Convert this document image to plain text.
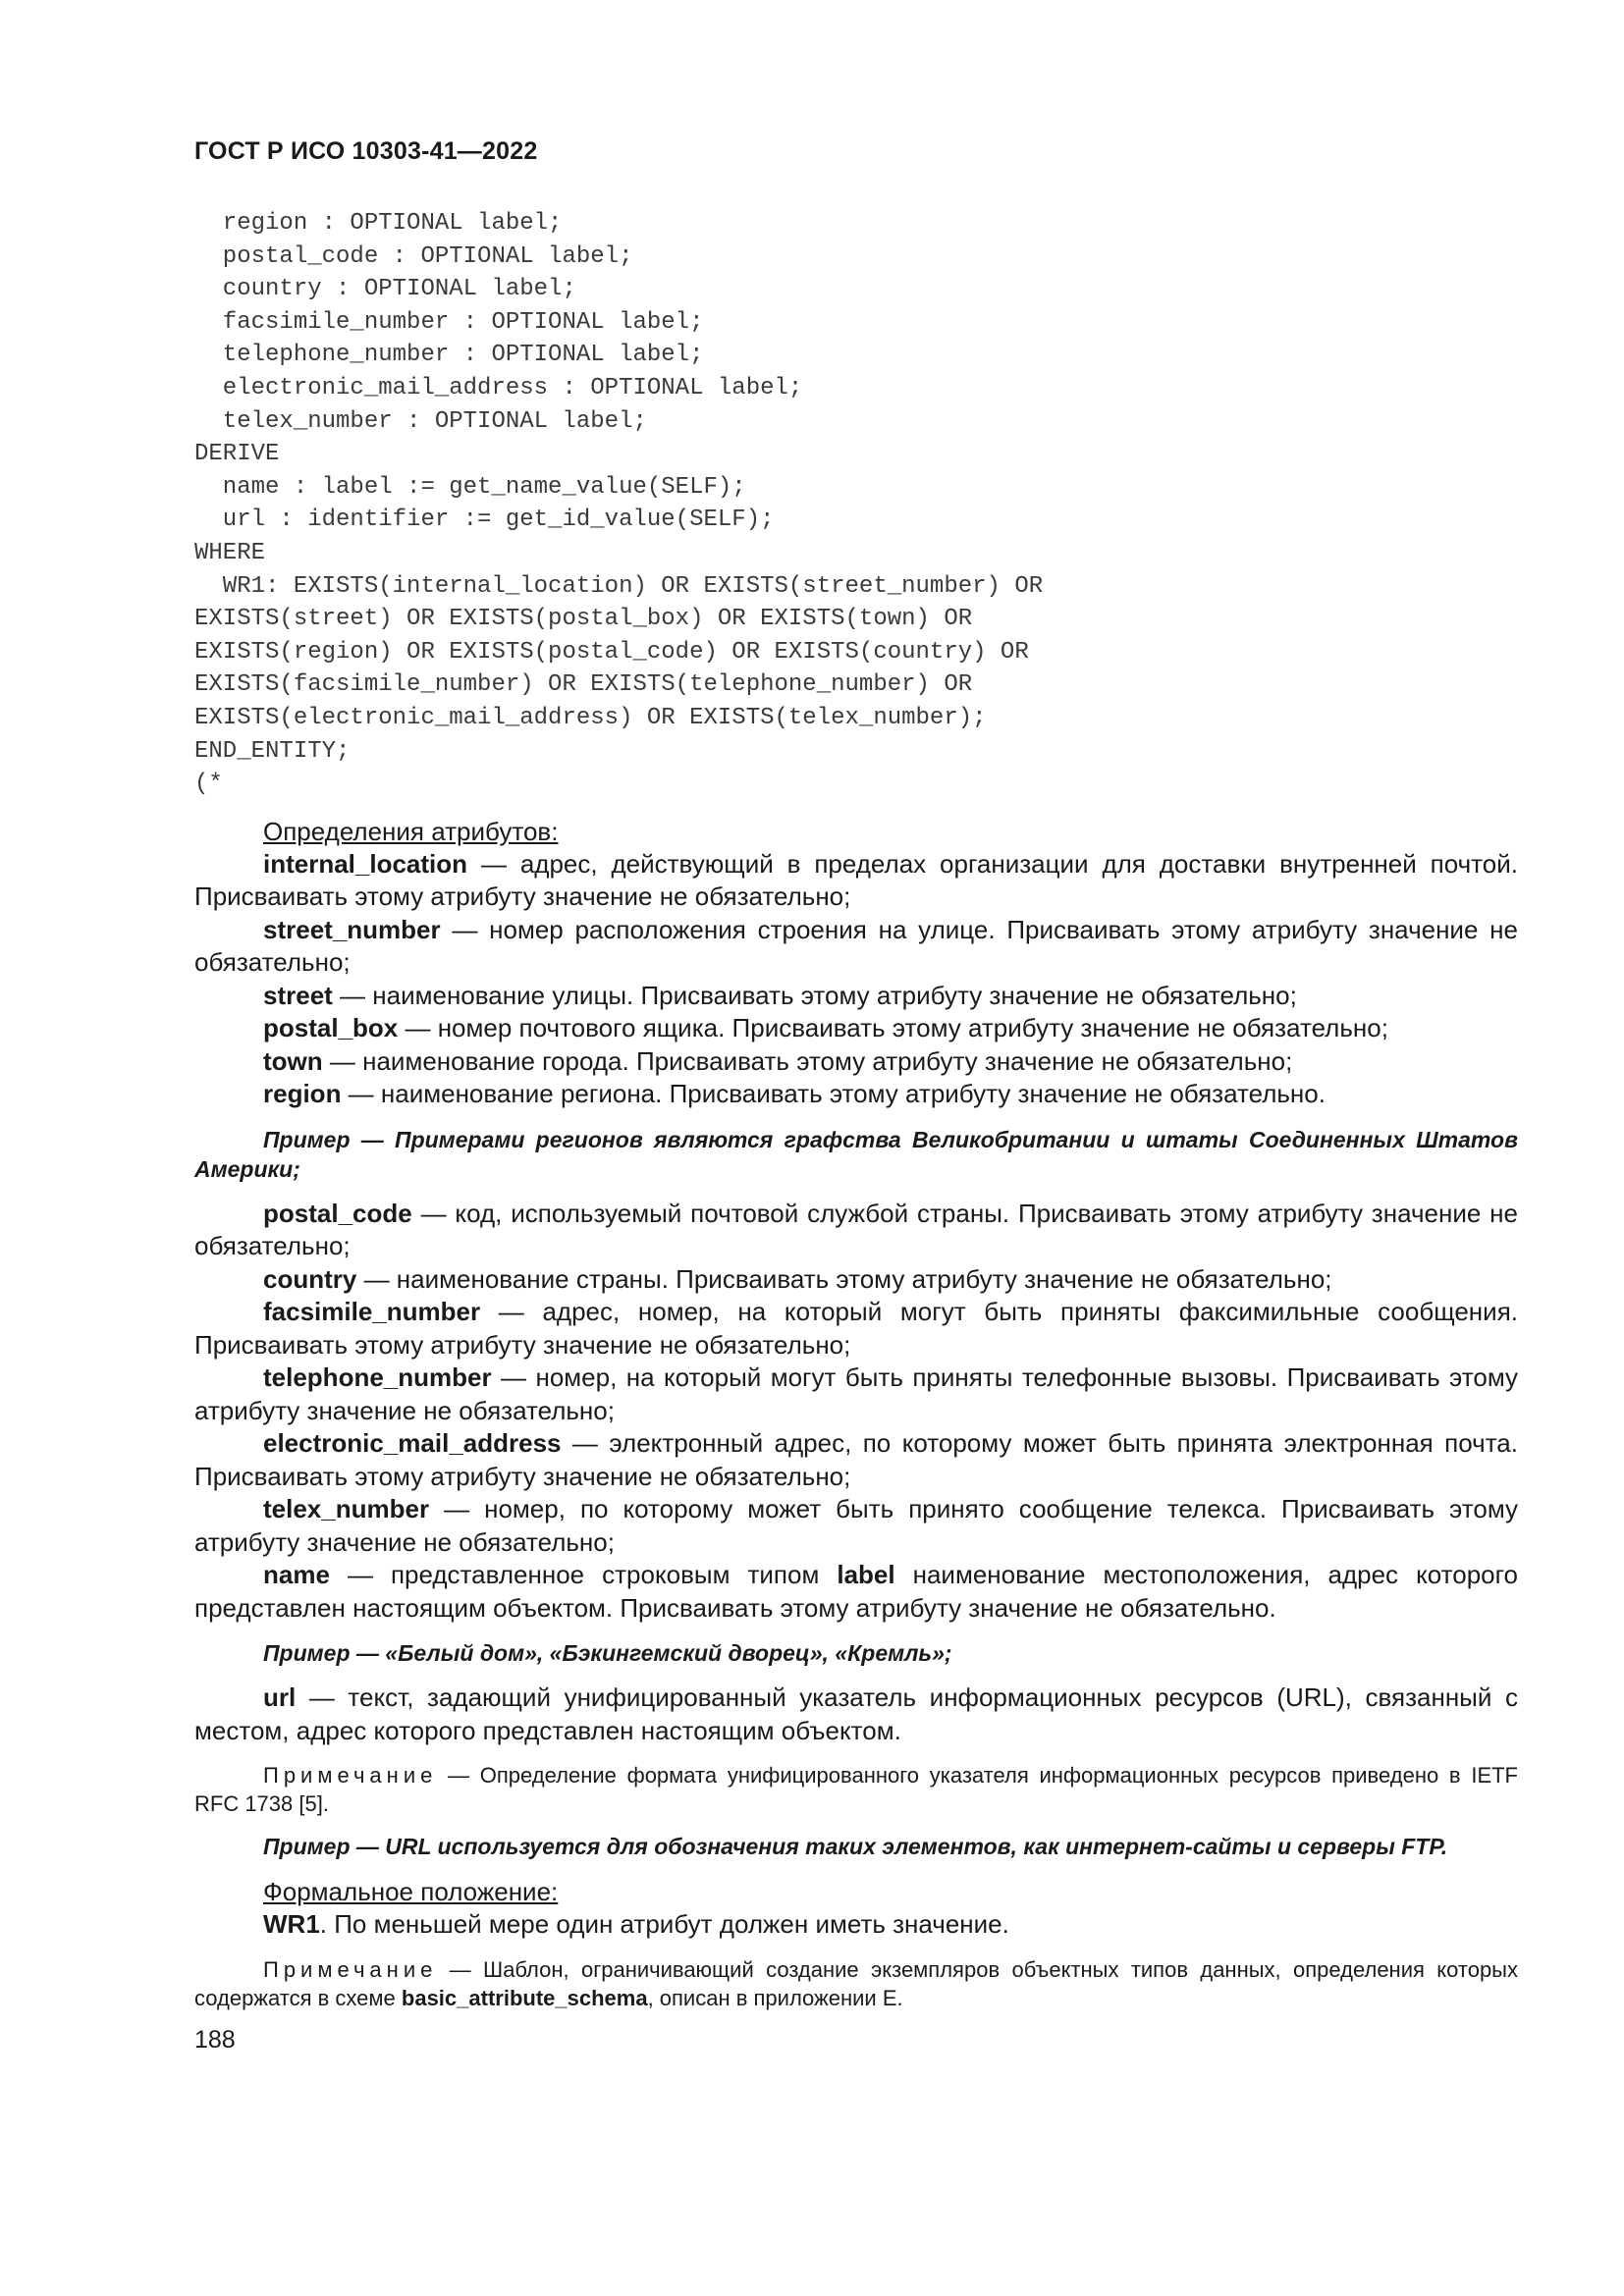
ГОСТ Р ИСО 10303-41—2022
region : OPTIONAL label;
postal_code : OPTIONAL label;
country : OPTIONAL label;
facsimile_number : OPTIONAL label;
telephone_number : OPTIONAL label;
electronic_mail_address : OPTIONAL label;
telex_number : OPTIONAL label;
DERIVE
name : label := get_name_value(SELF);
url : identifier := get_id_value(SELF);
WHERE
WR1: EXISTS(internal_location) OR EXISTS(street_number) OR
EXISTS(street) OR EXISTS(postal_box) OR EXISTS(town) OR
EXISTS(region) OR EXISTS(postal_code) OR EXISTS(country) OR
EXISTS(facsimile_number) OR EXISTS(telephone_number) OR
EXISTS(electronic_mail_address) OR EXISTS(telex_number);
END_ENTITY;
(*
Определения атрибутов:

internal_location — адрес, действующий в пределах организации для доставки внутренней почтой. Присваивать этому атрибуту значение не обязательно;

street_number — номер расположения строения на улице. Присваивать этому атрибуту значение не обязательно;

street — наименование улицы. Присваивать этому атрибуту значение не обязательно;

postal_box — номер почтового ящика. Присваивать этому атрибуту значение не обязательно;

town — наименование города. Присваивать этому атрибуту значение не обязательно;

region — наименование региона. Присваивать этому атрибуту значение не обязательно.

Пример — Примерами регионов являются графства Великобритании и штаты Соединенных Штатов Америки;

postal_code — код, используемый почтовой службой страны. Присваивать этому атрибуту значение не обязательно;

country — наименование страны. Присваивать этому атрибуту значение не обязательно;

facsimile_number — адрес, номер, на который могут быть приняты факсимильные сообщения. Присваивать этому атрибуту значение не обязательно;

telephone_number — номер, на который могут быть приняты телефонные вызовы. Присваивать этому атрибуту значение не обязательно;

electronic_mail_address — электронный адрес, по которому может быть принята электронная почта. Присваивать этому атрибуту значение не обязательно;

telex_number — номер, по которому может быть принято сообщение телекса. Присваивать этому атрибуту значение не обязательно;

name — представленное строковым типом label наименование местоположения, адрес которого представлен настоящим объектом. Присваивать этому атрибуту значение не обязательно.

Пример — «Белый дом», «Бэкингемский дворец», «Кремль»;

url — текст, задающий унифицированный указатель информационных ресурсов (URL), связанный с местом, адрес которого представлен настоящим объектом.

Примечание — Определение формата унифицированного указателя информационных ресурсов приведено в IETF RFC 1738 [5].

Пример — URL используется для обозначения таких элементов, как интернет-сайты и серверы FTP.

Формальное положение:

WR1. По меньшей мере один атрибут должен иметь значение.

Примечание — Шаблон, ограничивающий создание экземпляров объектных типов данных, определения которых содержатся в схеме basic_attribute_schema, описан в приложении E.

188
